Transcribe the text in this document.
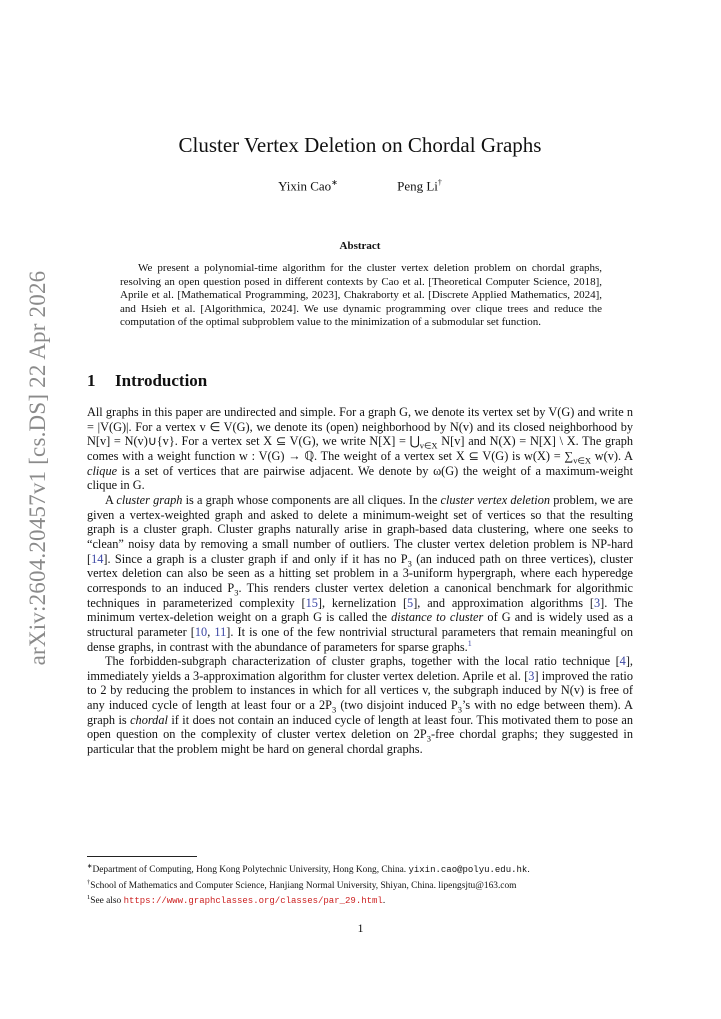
arXiv:2604.20457v1 [cs.DS] 22 Apr 2026
Cluster Vertex Deletion on Chordal Graphs
Yixin Cao∗	Peng Li†
Abstract

We present a polynomial-time algorithm for the cluster vertex deletion problem on chordal graphs, resolving an open question posed in different contexts by Cao et al. [Theoretical Computer Science, 2018], Aprile et al. [Mathematical Programming, 2023], Chakraborty et al. [Discrete Applied Mathematics, 2024], and Hsieh et al. [Algorithmica, 2024]. We use dynamic programming over clique trees and reduce the computation of the optimal subproblem value to the minimization of a submodular set function.

1 Introduction

All graphs in this paper are undirected and simple. For a graph G, we denote its vertex set by V(G) and write n = |V(G)|. For a vertex v ∈ V(G), we denote its (open) neighborhood by N(v) and its closed neighborhood by N[v] = N(v)∪{v}. For a vertex set X ⊆ V(G), we write $N[X] = ⋃_{v\in X}$ N[v] and N(X) = N[X] \ X. The graph comes with a weight function w : V(G) → ℚ. The weight of a vertex set X ⊆ V(G) is $w(X) = \sum_{v\in X}$ w(v). A clique is a set of vertices that are pairwise adjacent. We denote by ω(G) the weight of a maximum-weight clique in G.

A cluster graph is a graph whose components are all cliques. In the cluster vertex deletion problem, we are given a vertex-weighted graph and asked to delete a minimum-weight set of vertices so that the resulting graph is a cluster graph. Cluster graphs naturally arise in graph-based data clustering, where one seeks to “clean” noisy data by removing a small number of outliers. The cluster vertex deletion problem is NP-hard [14]. Since a graph is a cluster graph if and only if it has no $P_3$ (an induced path on three vertices), cluster vertex deletion can also be seen as a hitting set problem in a 3-uniform hypergraph, where each hyperedge corresponds to an induced $P_3$. This renders cluster vertex deletion a canonical benchmark for algorithmic techniques in parameterized complexity [15], kernelization [5], and approximation algorithms [3]. The minimum vertex-deletion weight on a graph G is called the distance to cluster of G and is widely used as a structural parameter [10, 11]. It is one of the few nontrivial structural parameters that remain meaningful on dense graphs, in contrast with the abundance of parameters for sparse graphs.$^1$

The forbidden-subgraph characterization of cluster graphs, together with the local ratio technique [4], immediately yields a 3-approximation algorithm for cluster vertex deletion. Aprile et al. [3] improved the ratio to 2 by reducing the problem to instances in which for all vertices v, the subgraph induced by N(v) is free of any induced cycle of length at least four or a $2P_3$ (two disjoint induced $P_3’s$ with no edge between them). A graph is chordal if it does not contain an induced cycle of length at least four. This motivated them to pose an open question on the complexity of cluster vertex deletion on $2P_3$-free chordal graphs; they suggested in particular that the problem might be hard on general chordal graphs.

∗Department of Computing, Hong Kong Polytechnic University, Hong Kong, China. yixin.cao@polyu.edu.hk.
†School of Mathematics and Computer Science, Hanjiang Normal University, Shiyan, China. lipengsjtu@163.com
$^1$See also https://www.graphclasses.org/classes/par_29.html.
1
